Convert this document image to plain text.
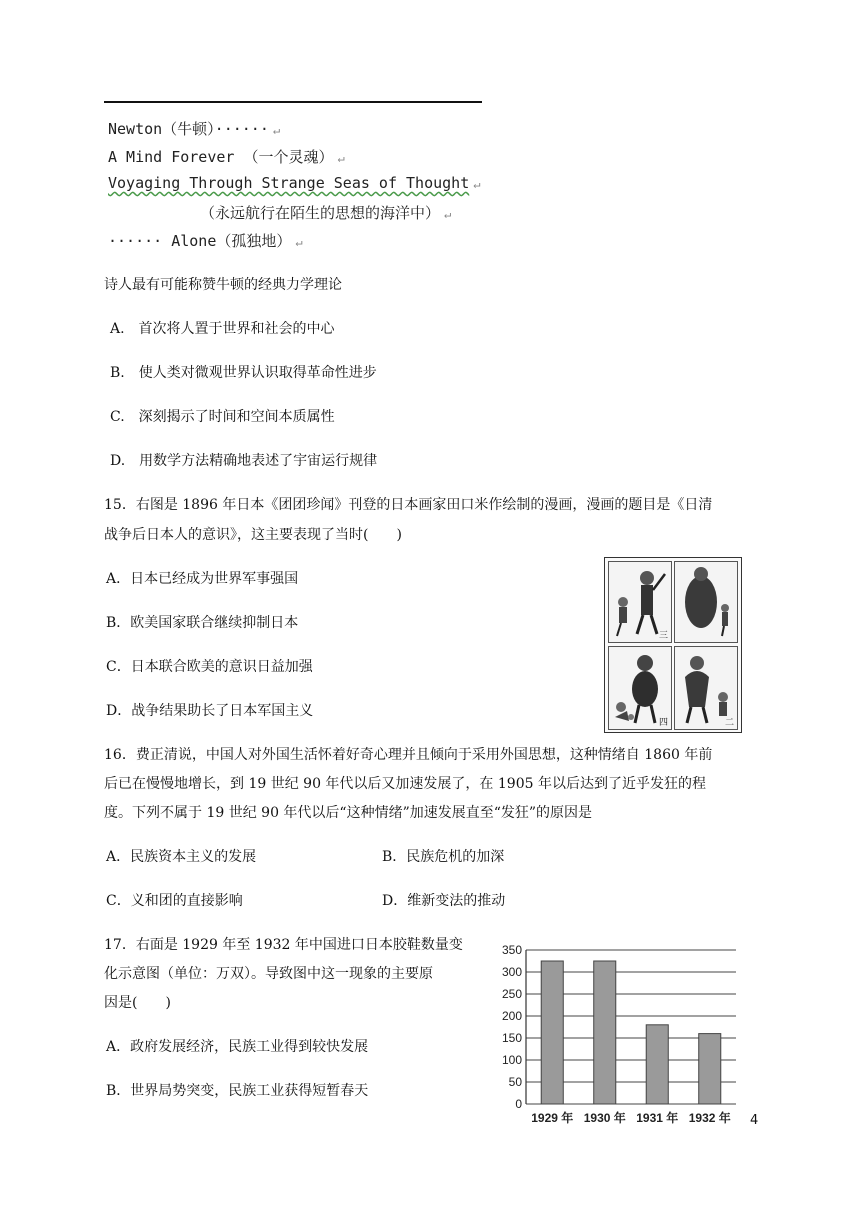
Newton（牛顿）······ ↵
A Mind Forever （一个灵魂） ↵
Voyaging Through Strange Seas of Thought ↵
（永远航行在陌生的思想的海洋中） ↵
······ Alone（孤独地） ↵
诗人最有可能称赞牛顿的经典力学理论
A.　首次将人置于世界和社会的中心
B.　使人类对微观世界认识取得革命性进步
C.　深刻揭示了时间和空间本质属性
D.　用数学方法精确地表述了宇宙运行规律
15．右图是 1896 年日本《团团珍闻》刊登的日本画家田口米作绘制的漫画，漫画的题目是《日清
战争后日本人的意识》，这主要表现了当时(　　)
A．日本已经成为世界军事强国
B．欧美国家联合继续抑制日本
C．日本联合欧美的意识日益加强
D．战争结果助长了日本军国主义
三
四	二
16．费正清说，中国人对外国生活怀着好奇心理并且倾向于采用外国思想，这种情绪自 1860 年前
后已在慢慢地增长，到 19 世纪 90 年代以后又加速发展了，在 1905 年以后达到了近乎发狂的程
度。下列不属于 19 世纪 90 年代以后“这种情绪”加速发展直至“发狂”的原因是
A．民族资本主义的发展	B．民族危机的加深
C．义和团的直接影响	D．维新变法的推动
17．右面是 1929 年至 1932 年中国进口日本胶鞋数量变
化示意图（单位：万双）。导致图中这一现象的主要原
因是(　　)
A．政府发展经济，民族工业得到较快发展
B．世界局势突变，民族工业获得短暂春天
0
50
100
150
200
250
300
350
1929 年 1930 年 1931 年 1932 年 4
